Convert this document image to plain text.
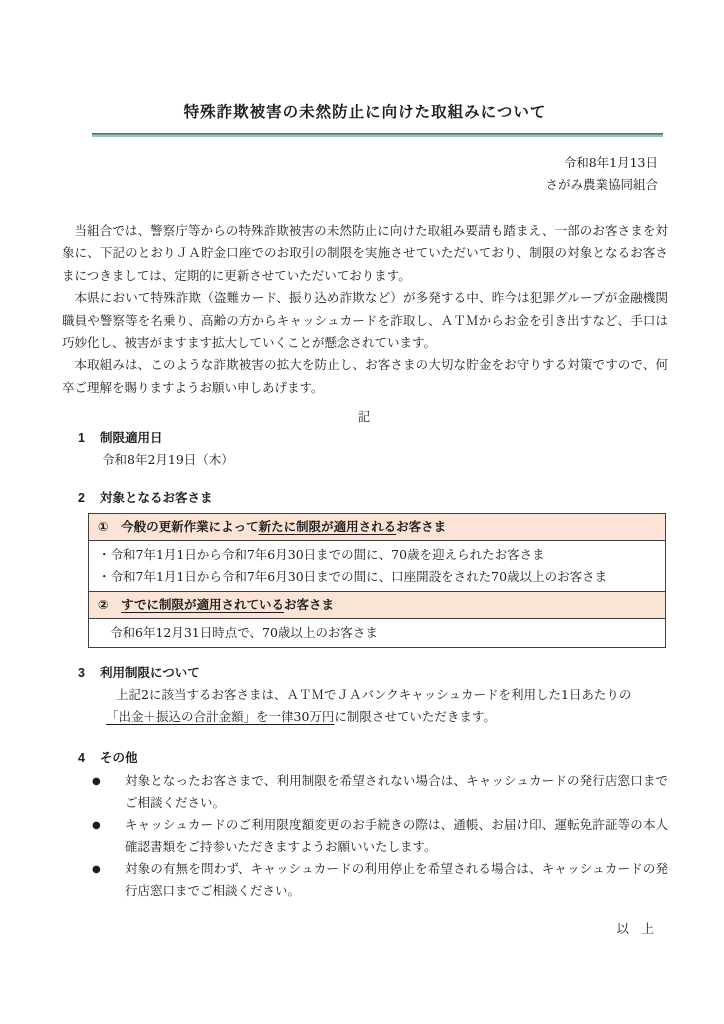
特殊詐欺被害の未然防止に向けた取組みについて
令和8年1月13日
さがみ農業協同組合

当組合では、警察庁等からの特殊詐欺被害の未然防止に向けた取組み要請も踏まえ、一部のお客さまを対象に、下記のとおりＪＡ貯金口座でのお取引の制限を実施させていただいており、制限の対象となるお客さまにつきましては、定期的に更新させていただいております。

本県において特殊詐欺（盗難カード、振り込め詐欺など）が多発する中、昨今は犯罪グループが金融機関職員や警察等を名乗り、高齢の方からキャッシュカードを詐取し、ＡＴＭからお金を引き出すなど、手口は巧妙化し、被害がますます拡大していくことが懸念されています。

本取組みは、このような詐欺被害の拡大を防止し、お客さまの大切な貯金をお守りする対策ですので、何卒ご理解を賜りますようお願い申しあげます。

記
1 制限適用日
令和8年2月19日（木）
2 対象となるお客さま
①　今般の更新作業によって新たに制限が適用されるお客さま
・令和7年1月1日から令和7年6月30日までの間に、70歳を迎えられたお客さま
・令和7年1月1日から令和7年6月30日までの間に、口座開設をされた70歳以上のお客さま
②　すでに制限が適用されているお客さま
令和6年12月31日時点で、70歳以上のお客さま
3 利用制限について
上記2に該当するお客さまは、ＡＴＭでＪＡバンクキャッシュカードを利用した1日あたりの
「出金＋振込の合計金額」を一律30万円に制限させていただきます。
4 その他
●	対象となったお客さまで、利用制限を希望されない場合は、キャッシュカードの発行店窓口までご相談ください。
●	キャッシュカードのご利用限度額変更のお手続きの際は、通帳、お届け印、運転免許証等の本人確認書類をご持参いただきますようお願いいたします。
●	対象の有無を問わず、キャッシュカードの利用停止を希望される場合は、キャッシュカードの発行店窓口までご相談ください。
以　上
